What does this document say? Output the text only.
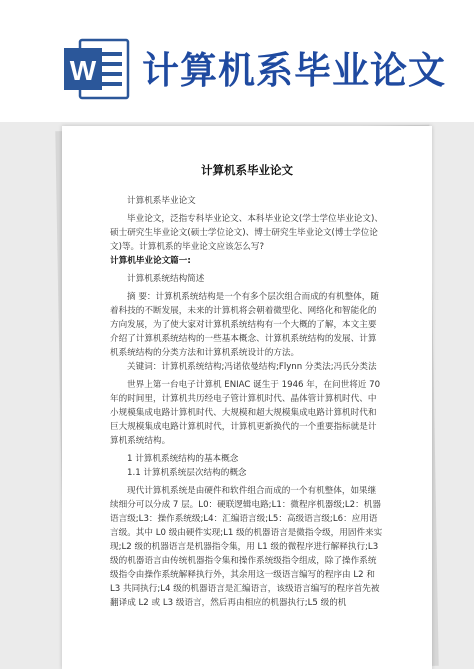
W 计算机系毕业论文
计算机系毕业论文
计算机系毕业论文
毕业论文，泛指专科毕业论文、本科毕业论文(学士学位毕业论文)、硕士研究生毕业论文(硕士学位论文)、博士研究生毕业论文(博士学位论文)等。计算机系的毕业论文应该怎么写?
计算机毕业论文篇一:
计算机系统结构简述
摘 要：计算机系统结构是一个有多个层次组合而成的有机整体，随着科技的不断发展，未来的计算机将会朝着微型化、网络化和智能化的方向发展，为了使大家对计算机系统结构有一个大概的了解，本文主要介绍了计算机系统结构的一些基本概念、计算机系统结构的发展、计算机系统结构的分类方法和计算机系统设计的方法。
关键词：计算机系统结构;冯诺依曼结构;Flynn 分类法;冯氏分类法
世界上第一台电子计算机 ENIAC 诞生于 1946 年，在问世将近 70 年的时间里，计算机共历经电子管计算机时代、晶体管计算机时代、中小规模集成电路计算机时代、大规模和超大规模集成电路计算机时代和巨大规模集成电路计算机时代，计算机更新换代的一个重要指标就是计算机系统结构。
1 计算机系统结构的基本概念
1.1 计算机系统层次结构的概念
现代计算机系统是由硬件和软件组合而成的一个有机整体，如果继续细分可以分成 7 层。L0：硬联逻辑电路;L1：微程序机器级;L2：机器语言级;L3：操作系统级;L4：汇编语言级;L5：高级语言级;L6：应用语言级。其中 L0 级由硬件实现;L1 级的机器语言是微指令级，用固件来实现;L2 级的机器语言是机器指令集，用 L1 级的微程序进行解释执行;L3 级的机器语言由传统机器指令集和操作系统级指令组成，除了操作系统级指令由操作系统解释执行外，其余用这一级语言编写的程序由 L2 和 L3 共同执行;L4 级的机器语言是汇编语言，该级语言编写的程序首先被翻译成 L2 或 L3 级语言，然后再由相应的机器执行;L5 级的机
